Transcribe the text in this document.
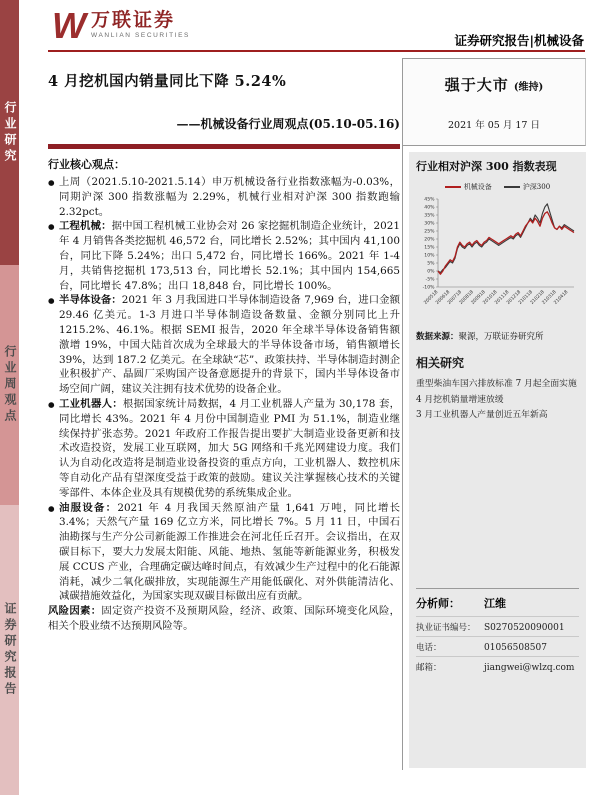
行业研究
行业周观点
证券研究报告
W 万联证券
WANLIAN SECURITIES	证券研究报告|机械设备
4 月挖机国内销量同比下降 5.24%
——机械设备行业周观点(05.10-05.16)
行业核心观点：
● 上周（2021.5.10-2021.5.14）申万机械设备行业指数涨幅为-0.03%，同期沪深 300 指数涨幅为 2.29%，机械行业相对沪深 300 指数跑输 2.32pct。
● 工程机械：据中国工程机械工业协会对 26 家挖掘机制造企业统计，2021 年 4 月销售各类挖掘机 46,572 台，同比增长 2.52%；其中国内 41,100 台，同比下降 5.24%；出口 5,472 台，同比增长 166%。2021 年 1-4 月，共销售挖掘机 173,513 台，同比增长 52.1%；其中国内 154,665 台，同比增长 47.8%；出口 18,848 台，同比增长 100%。
● 半导体设备：2021 年 3 月我国进口半导体制造设备 7,969 台，进口金额 29.46 亿美元。1-3 月进口半导体制造设备数量、金额分别同比上升 1215.2%、46.1%。根据 SEMI 报告，2020 年全球半导体设备销售额激增 19%，中国大陆首次成为全球最大的半导体设备市场，销售额增长 39%，达到 187.2 亿美元。在全球缺“芯”、政策扶持、半导体制造封测企业积极扩产、晶圆厂采购国产设备意愿提升的背景下，国内半导体设备市场空间广阔，建议关注拥有技术优势的设备企业。
● 工业机器人：根据国家统计局数据，4 月工业机器人产量为 30,178 套，同比增长 43%。2021 年 4 月份中国制造业 PMI 为 51.1%，制造业继续保持扩张态势。2021 年政府工作报告提出要扩大制造业设备更新和技术改造投资，发展工业互联网，加大 5G 网络和千兆光网建设力度。我们认为自动化改造将是制造业设备投资的重点方向，工业机器人、数控机床等自动化产品有望深度受益于政策的鼓励。建议关注掌握核心技术的关键零部件、本体企业及具有规模优势的系统集成企业。
● 油服设备：2021 年 4 月我国天然原油产量 1,641 万吨，同比增长 3.4%；天然气产量 169 亿立方米，同比增长 7%。5 月 11 日，中国石油勘探与生产分公司新能源工作推进会在河北任丘召开。会议指出，在双碳目标下，要大力发展太阳能、风能、地热、氢能等新能源业务，积极发展 CCUS 产业，合理确定碳达峰时间点，有效减少生产过程中的化石能源消耗，减少二氧化碳排放，实现能源生产用能低碳化、对外供能清洁化、减碳措施效益化，为国家实现双碳目标做出应有贡献。
风险因素：固定资产投资不及预期风险，经济、政策、国际环境变化风险，相关个股业绩不达预期风险等。
强于大市 (维持)
2021 年 05 月 17 日
行业相对沪深 300 指数表现
机械设备	沪深300
45%
40%
35%
30%
25%
20%
15%
10%
5%
0%
-5%
-10%
200518
200618
200718
200818
200918
201018
201118
201218
210118
210218
210318
210418
数据来源：聚源，万联证券研究所
相关研究
重型柴油车国六排放标准 7 月起全面实施
4 月挖机销量增速放缓
3 月工业机器人产量创近五年新高
分析师：	江维
执业证书编号： S0270520090001
电话：	01056508507
邮箱：	jiangwei@wlzq.com
